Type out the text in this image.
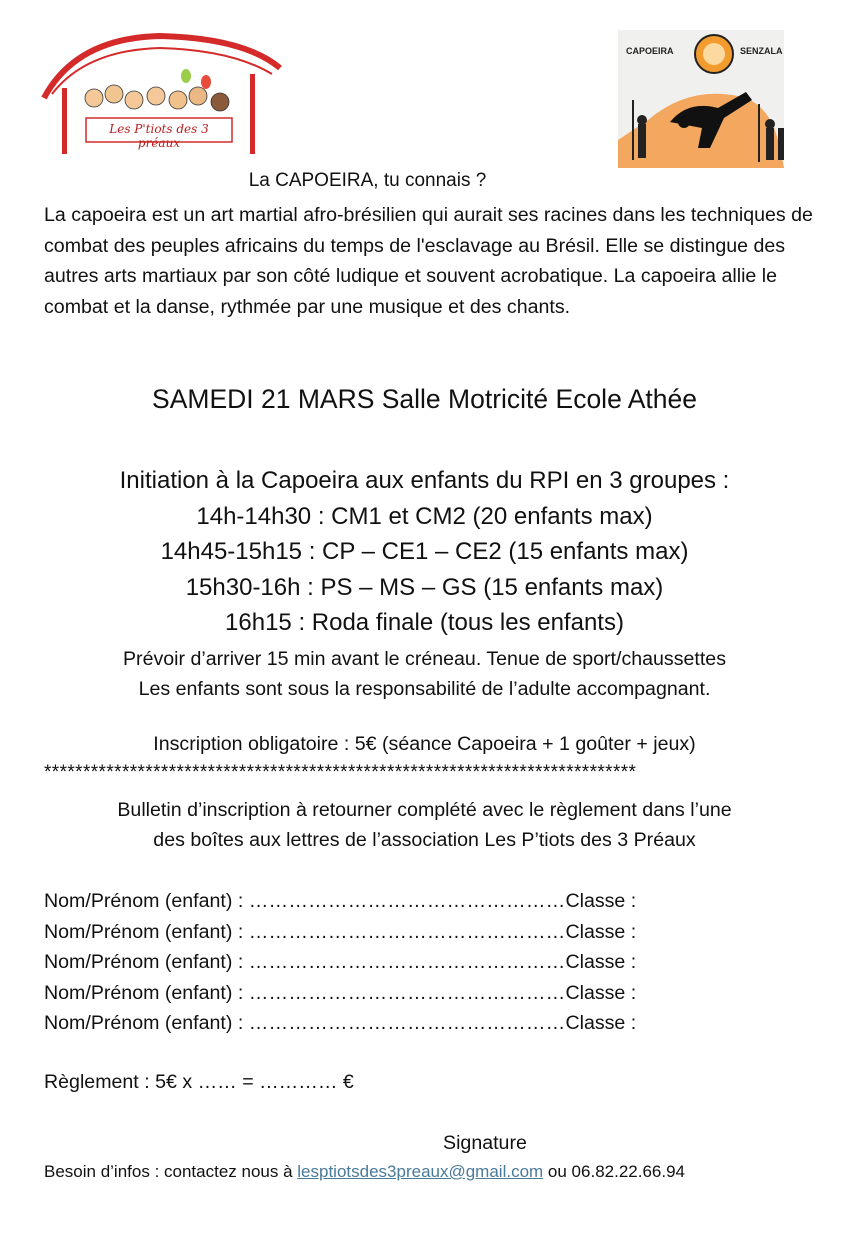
Les P'tiots des 3 préaux
CAPOEIRA	SENZALA
La CAPOEIRA, tu connais ?
La capoeira est un art martial afro-brésilien qui aurait ses racines dans les techniques de combat des peuples africains du temps de l'esclavage au Brésil. Elle se distingue des autres arts martiaux par son côté ludique et souvent acrobatique. La capoeira allie le combat et la danse, rythmée par une musique et des chants.
SAMEDI 21 MARS Salle Motricité Ecole Athée
Initiation à la Capoeira aux enfants du RPI en 3 groupes :
14h-14h30 : CM1 et CM2 (20 enfants max)
14h45-15h15 : CP – CE1 – CE2 (15 enfants max)
15h30-16h : PS – MS – GS (15 enfants max)
16h15 : Roda finale (tous les enfants)
Prévoir d’arriver 15 min avant le créneau. Tenue de sport/chaussettes
Les enfants sont sous la responsabilité de l’adulte accompagnant.
Inscription obligatoire : 5€ (séance Capoeira + 1 goûter + jeux)
****************************************************************************
Bulletin d’inscription à retourner complété avec le règlement dans l’une
des boîtes aux lettres de l’association Les P’tiots des 3 Préaux
Nom/Prénom (enfant) : …………………………………………Classe :
Nom/Prénom (enfant) : …………………………………………Classe :
Nom/Prénom (enfant) : …………………………………………Classe :
Nom/Prénom (enfant) : …………………………………………Classe :
Nom/Prénom (enfant) : …………………………………………Classe :
Règlement : 5€ x …… = ………… €
Signature
Besoin d’infos : contactez nous à lesptiotsdes3preaux@gmail.com ou 06.82.22.66.94
